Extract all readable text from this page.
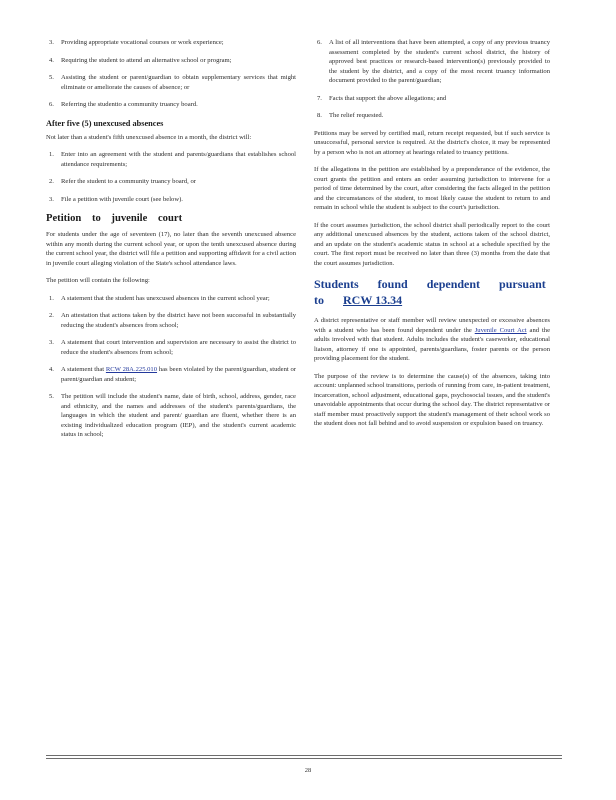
3. Providing appropriate vocational courses or work experience;
4. Requiring the student to attend an alternative school or program;
5. Assisting the student or parent/guardian to obtain supplementary services that might eliminate or ameliorate the causes of absence; or
6. Referring the studentto a community truancy board.
After five (5) unexcused absences

Not later than a student's fifth unexcused absence in a month, the district will:

1. Enter into an agreement with the student and parents/guardians that establishes school attendance requirements;
2. Refer the student to a community truancy board, or
3. File a petition with juvenile court (see below).
Petition to juvenile court

For students under the age of seventeen (17), no later than the seventh unexcused absence within any month during the current school year, or upon the tenth unexcused absence during the current school year, the district will file a petition and supporting affidavit for a civil action in juvenile court alleging violation of the State's school attendance laws.

The petition will contain the following:

1. A statement that the student has unexcused absences in the current school year;
2. An attestation that actions taken by the district have not been successful in substantially reducing the student's absences from school;
3. A statement that court intervention and supervision are necessary to assist the district to reduce the student's absences from school;
4. A statement that RCW 28A.225.010 has been violated by the parent/guardian, student or parent/guardian and student;
5. The petition will include the student's name, date of birth, school, address, gender, race and ethnicity, and the names and addresses of the student's parents/guardians, the languages in which the student and parent/ guardian are fluent, whether there is an existing individualized education program (IEP), and the student's current academic status in school;
6. A list of all interventions that have been attempted, a copy of any previous truancy assessment completed by the student's current school district, the history of approved best practices or research-based intervention(s) previously provided to the student by the district, and a copy of the most recent truancy information document provided to the parent/guardian;
7. Facts that support the above allegations; and
8. The relief requested.

Petitions may be served by certified mail, return receipt requested, but if such service is unsuccessful, personal service is required. At the district's choice, it may be represented by a person who is not an attorney at hearings related to truancy petitions.

If the allegations in the petition are established by a preponderance of the evidence, the court grants the petition and enters an order assuming jurisdiction to intervene for a period of time determined by the court, after considering the facts alleged in the petition and the circumstances of the student, to most likely cause the student to return to and remain in school while the student is subject to the court's jurisdiction.

If the court assumes jurisdiction, the school district shall periodically report to the court any additional unexcused absences by the student, actions taken of the school district, and an update on the student's academic status in school at a schedule specified by the court. The first report must be received no later than three (3) months from the date that the court assumes jurisdiction.

Students found dependent pursuant to RCW 13.34

A district representative or staff member will review unexpected or excessive absences with a student who has been found dependent under the Juvenile Court Act and the adults involved with that student. Adults includes the student's caseworker, educational liaison, attorney if one is appointed, parents/guardians, foster parents or the person providing placement for the student.

The purpose of the review is to determine the cause(s) of the absences, taking into account: unplanned school transitions, periods of running from care, in-patient treatment, incarceration, school adjustment, educational gaps, psychosocial issues, and the student's unavoidable appointments that occur during the school day. The district representative or staff member must proactively support the student's management of their school work so the student does not fall behind and to avoid suspension or expulsion based on truancy.

28
